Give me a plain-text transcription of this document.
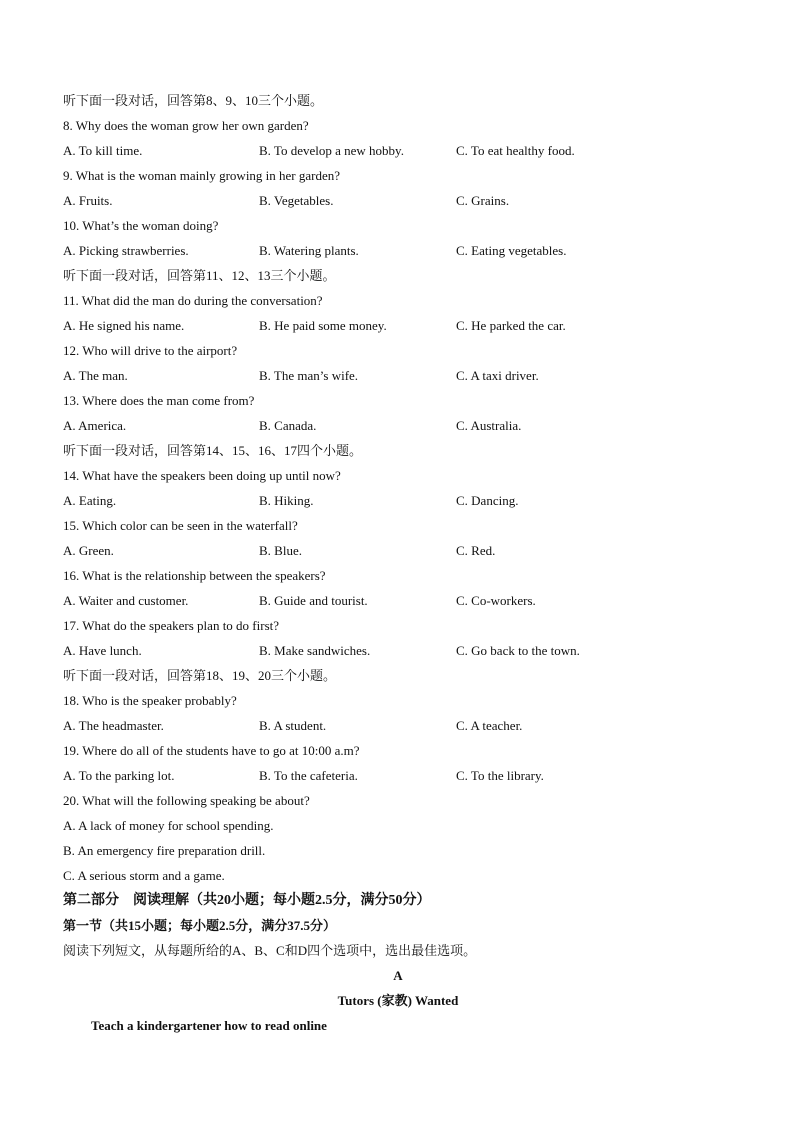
听下面一段对话，回答第8、9、10三个小题。
8. Why does the woman grow her own garden?
A. To kill time.	B. To develop a new hobby.	C. To eat healthy food.
9. What is the woman mainly growing in her garden?
A. Fruits.	B. Vegetables.	C. Grains.
10. What’s the woman doing?
A. Picking strawberries.	B. Watering plants.	C. Eating vegetables.
听下面一段对话，回答第11、12、13三个小题。
11. What did the man do during the conversation?
A. He signed his name.	B. He paid some money.	C. He parked the car.
12. Who will drive to the airport?
A. The man.	B. The man’s wife.	C. A taxi driver.
13. Where does the man come from?
A. America.	B. Canada.	C. Australia.
听下面一段对话，回答第14、15、16、17四个小题。
14. What have the speakers been doing up until now?
A. Eating.	B. Hiking.	C. Dancing.
15. Which color can be seen in the waterfall?
A. Green.	B. Blue.	C. Red.
16. What is the relationship between the speakers?
A. Waiter and customer.	B. Guide and tourist.	C. Co-workers.
17. What do the speakers plan to do first?
A. Have lunch.	B. Make sandwiches.	C. Go back to the town.
听下面一段对话，回答第18、19、20三个小题。
18. Who is the speaker probably?
A. The headmaster.	B. A student.	C. A teacher.
19. Where do all of the students have to go at 10:00 a.m?
A. To the parking lot.	B. To the cafeteria.	C. To the library.
20. What will the following speaking be about?
A. A lack of money for school spending.
B. An emergency fire preparation drill.
C. A serious storm and a game.
第二部分　阅读理解（共20小题；每小题2.5分，满分50分）
第一节（共15小题；每小题2.5分，满分37.5分）
阅读下列短文，从每题所给的A、B、C和D四个选项中，选出最佳选项。
A
Tutors (家教) Wanted
Teach a kindergartener how to read online
